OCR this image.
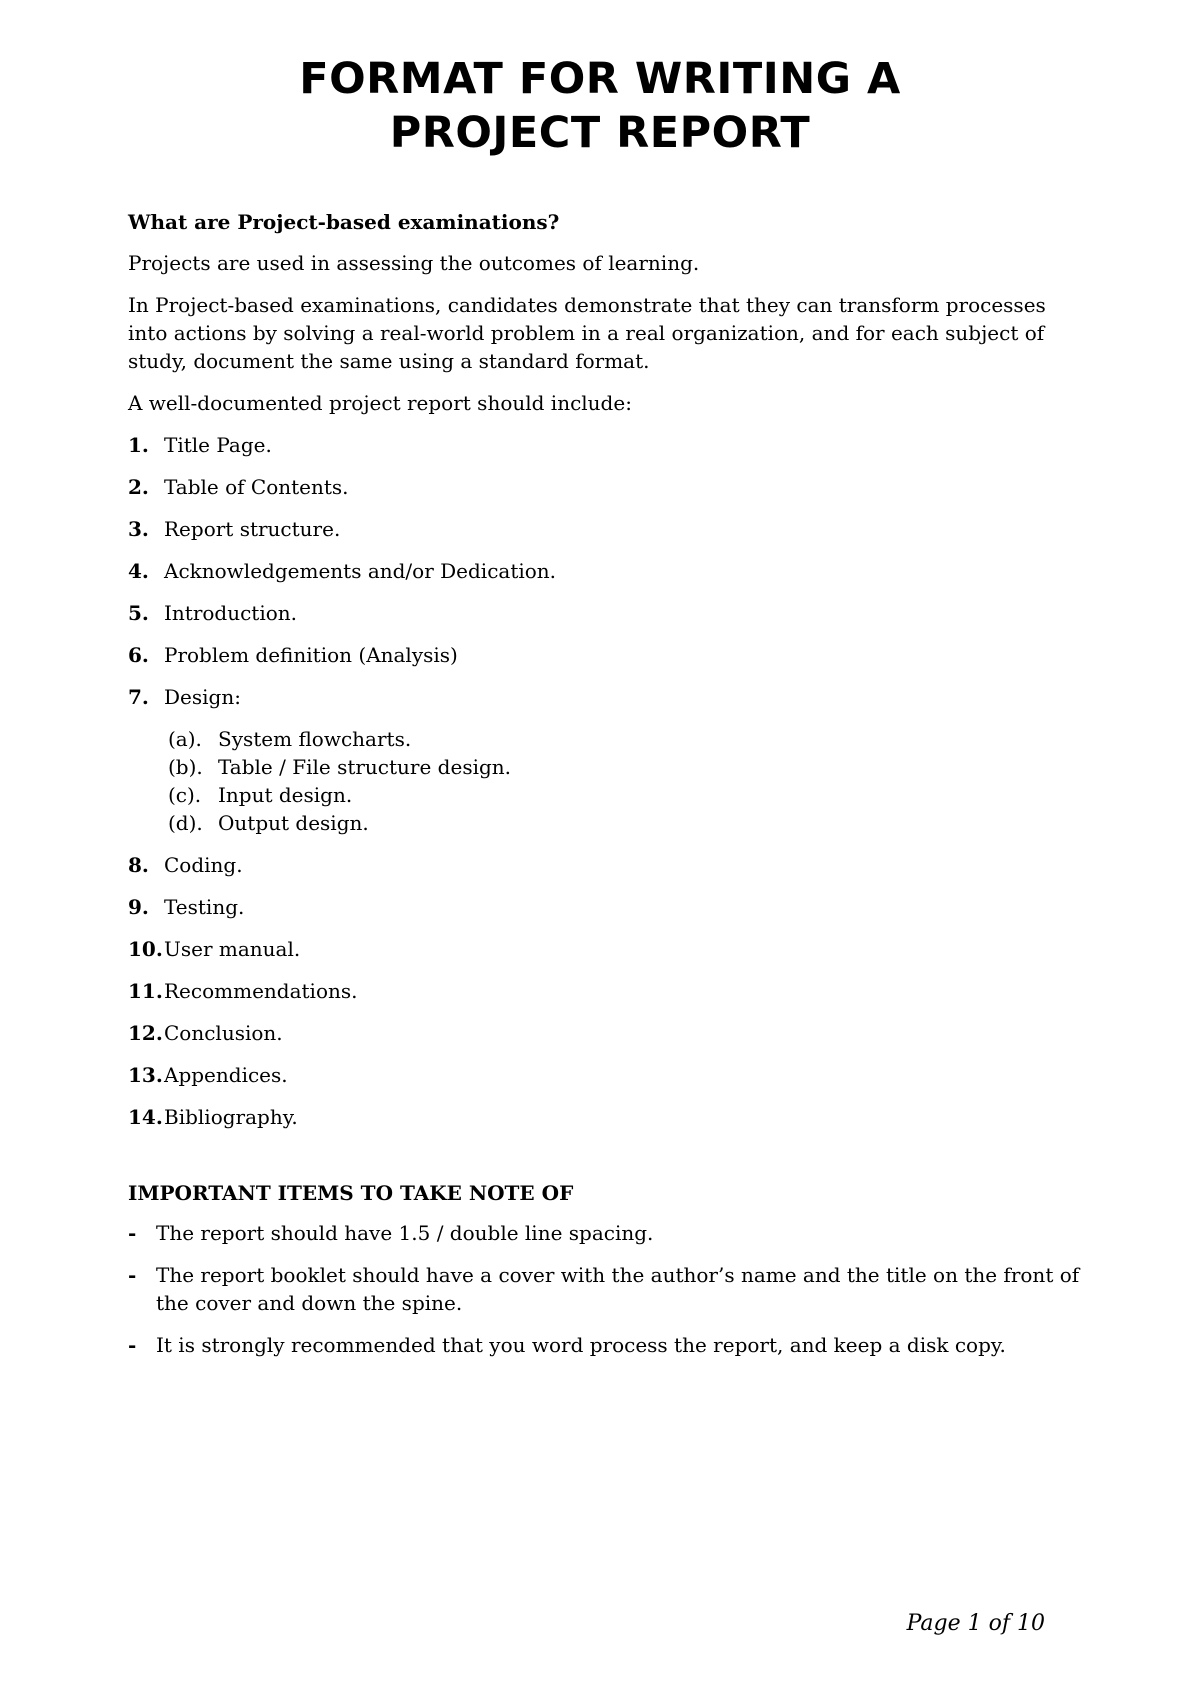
FORMAT FOR WRITING A
PROJECT REPORT
What are Project-based examinations?
Projects are used in assessing the outcomes of learning.
In Project-based examinations, candidates demonstrate that they can transform processes into actions by solving a real-world problem in a real organization, and for each subject of study, document the same using a standard format.
A well-documented project report should include:
1. Title Page.
2. Table of Contents.
3. Report structure.
4. Acknowledgements and/or Dedication.
5. Introduction.
6. Problem definition (Analysis)
7. Design:
(a). System flowcharts.
(b). Table / File structure design.
(c). Input design.
(d). Output design.
8. Coding.
9. Testing.
10. User manual.
11. Recommendations.
12. Conclusion.
13. Appendices.
14. Bibliography.
IMPORTANT ITEMS TO TAKE NOTE OF
- The report should have 1.5 / double line spacing.
- The report booklet should have a cover with the author’s name and the title on the front of the cover and down the spine.
- It is strongly recommended that you word process the report, and keep a disk copy.
Page 1 of 10
